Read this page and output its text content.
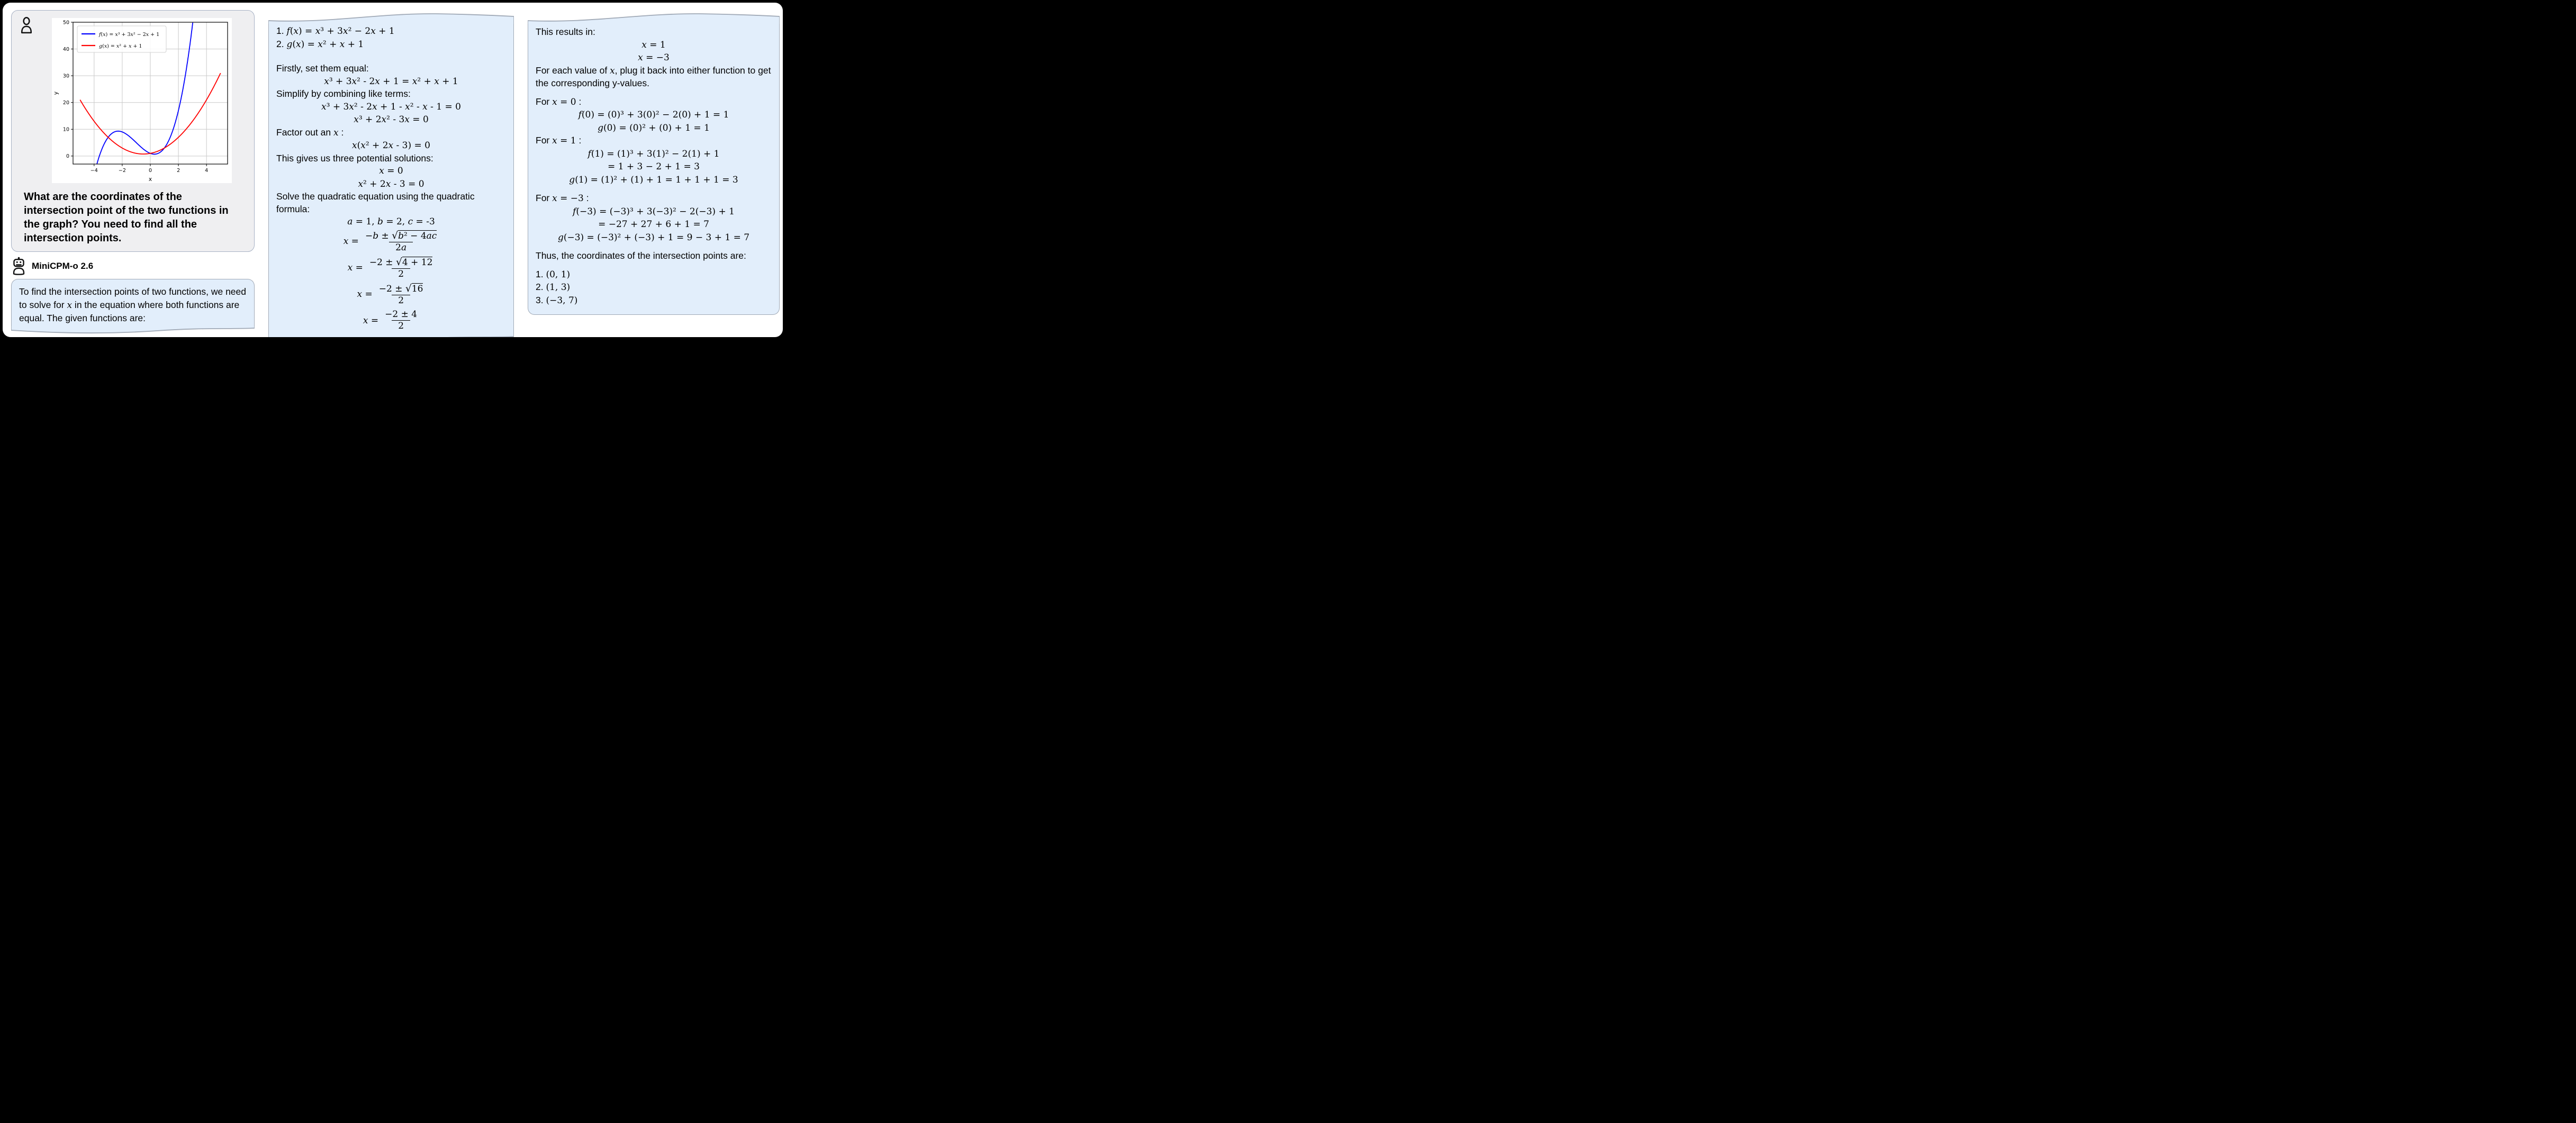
−4	−2	0	2	4
0
10
20
30
40
50
x
y
f(x) = x³ + 3x² − 2x + 1
g(x) = x² + x + 1
What are the coordinates of the intersection point of the two functions in the graph? You need to find all the intersection points.
MiniCPM-o 2.6
To find the intersection points of two functions, we need to solve for x in the equation where both functions are equal. The given functions are:
1. f(x) = x³ + 3x² − 2x + 1
2. g(x) = x² + x + 1
Firstly, set them equal:
x³ + 3x² - 2x + 1 = x² + x + 1
Simplify by combining like terms:
x³ + 3x² - 2x + 1 - x² - x - 1 = 0
x³ + 2x² - 3x = 0
Factor out an x :
x(x² + 2x - 3) = 0
This gives us three potential solutions:
x = 0
x² + 2x - 3 = 0
Solve the quadratic equation using the quadratic formula:
a = 1, b = 2, c = -3
$x = \frac{\text{−b ± √b² − 4ac}}{2a}$
$x = \frac{-2 \pm √4 + 12}{2}$
$x = \frac{-2 \pm √16}{2}$
$x = \frac{-2 \pm 4}{2}$
This results in:
x = 1
x = −3
For each value of x, plug it back into either function to get the corresponding y-values.
For x = 0 :
f(0) = (0)³ + 3(0)² − 2(0) + 1 = 1
g(0) = (0)² + (0) + 1 = 1
For x = 1 :
f(1) = (1)³ + 3(1)² − 2(1) + 1
= 1 + 3 − 2 + 1 = 3
g(1) = (1)² + (1) + 1 = 1 + 1 + 1 = 3
For x = −3 :
f(−3) = (−3)³ + 3(−3)² − 2(−3) + 1
= −27 + 27 + 6 + 1 = 7
g(−3) = (−3)² + (−3) + 1 = 9 − 3 + 1 = 7
Thus, the coordinates of the intersection points are:
1. (0, 1)
2. (1, 3)
3. (−3, 7)
